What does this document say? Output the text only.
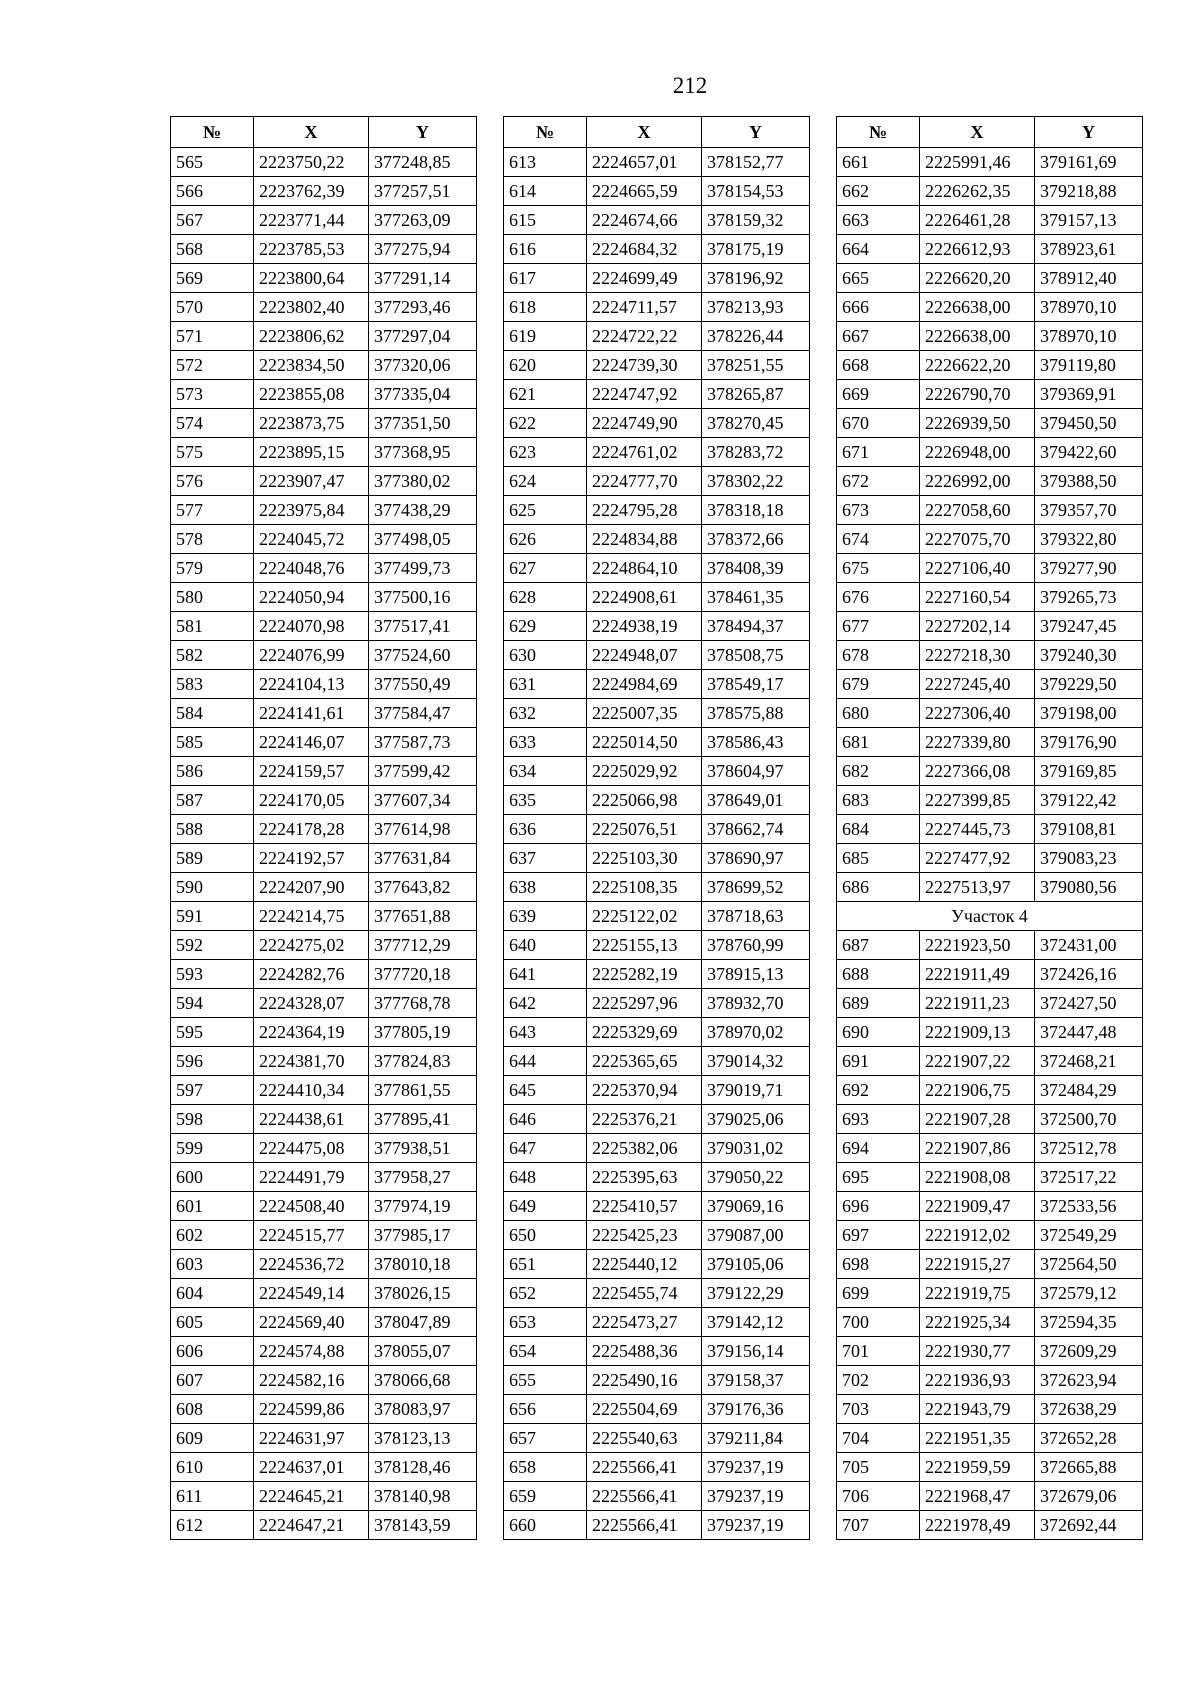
212
№	X	Y
565	2223750,22	377248,85
566	2223762,39	377257,51
567	2223771,44	377263,09
568	2223785,53	377275,94
569	2223800,64	377291,14
570	2223802,40	377293,46
571	2223806,62	377297,04
572	2223834,50	377320,06
573	2223855,08	377335,04
574	2223873,75	377351,50
575	2223895,15	377368,95
576	2223907,47	377380,02
577	2223975,84	377438,29
578	2224045,72	377498,05
579	2224048,76	377499,73
580	2224050,94	377500,16
581	2224070,98	377517,41
582	2224076,99	377524,60
583	2224104,13	377550,49
584	2224141,61	377584,47
585	2224146,07	377587,73
586	2224159,57	377599,42
587	2224170,05	377607,34
588	2224178,28	377614,98
589	2224192,57	377631,84
590	2224207,90	377643,82
591	2224214,75	377651,88
592	2224275,02	377712,29
593	2224282,76	377720,18
594	2224328,07	377768,78
595	2224364,19	377805,19
596	2224381,70	377824,83
597	2224410,34	377861,55
598	2224438,61	377895,41
599	2224475,08	377938,51
600	2224491,79	377958,27
601	2224508,40	377974,19
602	2224515,77	377985,17
603	2224536,72	378010,18
604	2224549,14	378026,15
605	2224569,40	378047,89
606	2224574,88	378055,07
607	2224582,16	378066,68
608	2224599,86	378083,97
609	2224631,97	378123,13
610	2224637,01	378128,46
611	2224645,21	378140,98
612	2224647,21	378143,59
№	X	Y
613	2224657,01	378152,77
614	2224665,59	378154,53
615	2224674,66	378159,32
616	2224684,32	378175,19
617	2224699,49	378196,92
618	2224711,57	378213,93
619	2224722,22	378226,44
620	2224739,30	378251,55
621	2224747,92	378265,87
622	2224749,90	378270,45
623	2224761,02	378283,72
624	2224777,70	378302,22
625	2224795,28	378318,18
626	2224834,88	378372,66
627	2224864,10	378408,39
628	2224908,61	378461,35
629	2224938,19	378494,37
630	2224948,07	378508,75
631	2224984,69	378549,17
632	2225007,35	378575,88
633	2225014,50	378586,43
634	2225029,92	378604,97
635	2225066,98	378649,01
636	2225076,51	378662,74
637	2225103,30	378690,97
638	2225108,35	378699,52
639	2225122,02	378718,63
640	2225155,13	378760,99
641	2225282,19	378915,13
642	2225297,96	378932,70
643	2225329,69	378970,02
644	2225365,65	379014,32
645	2225370,94	379019,71
646	2225376,21	379025,06
647	2225382,06	379031,02
648	2225395,63	379050,22
649	2225410,57	379069,16
650	2225425,23	379087,00
651	2225440,12	379105,06
652	2225455,74	379122,29
653	2225473,27	379142,12
654	2225488,36	379156,14
655	2225490,16	379158,37
656	2225504,69	379176,36
657	2225540,63	379211,84
658	2225566,41	379237,19
659	2225566,41	379237,19
660	2225566,41	379237,19
№	X	Y
661	2225991,46	379161,69
662	2226262,35	379218,88
663	2226461,28	379157,13
664	2226612,93	378923,61
665	2226620,20	378912,40
666	2226638,00	378970,10
667	2226638,00	378970,10
668	2226622,20	379119,80
669	2226790,70	379369,91
670	2226939,50	379450,50
671	2226948,00	379422,60
672	2226992,00	379388,50
673	2227058,60	379357,70
674	2227075,70	379322,80
675	2227106,40	379277,90
676	2227160,54	379265,73
677	2227202,14	379247,45
678	2227218,30	379240,30
679	2227245,40	379229,50
680	2227306,40	379198,00
681	2227339,80	379176,90
682	2227366,08	379169,85
683	2227399,85	379122,42
684	2227445,73	379108,81
685	2227477,92	379083,23
686	2227513,97	379080,56
Участок 4		
687	2221923,50	372431,00
688	2221911,49	372426,16
689	2221911,23	372427,50
690	2221909,13	372447,48
691	2221907,22	372468,21
692	2221906,75	372484,29
693	2221907,28	372500,70
694	2221907,86	372512,78
695	2221908,08	372517,22
696	2221909,47	372533,56
697	2221912,02	372549,29
698	2221915,27	372564,50
699	2221919,75	372579,12
700	2221925,34	372594,35
701	2221930,77	372609,29
702	2221936,93	372623,94
703	2221943,79	372638,29
704	2221951,35	372652,28
705	2221959,59	372665,88
706	2221968,47	372679,06
707	2221978,49	372692,44
